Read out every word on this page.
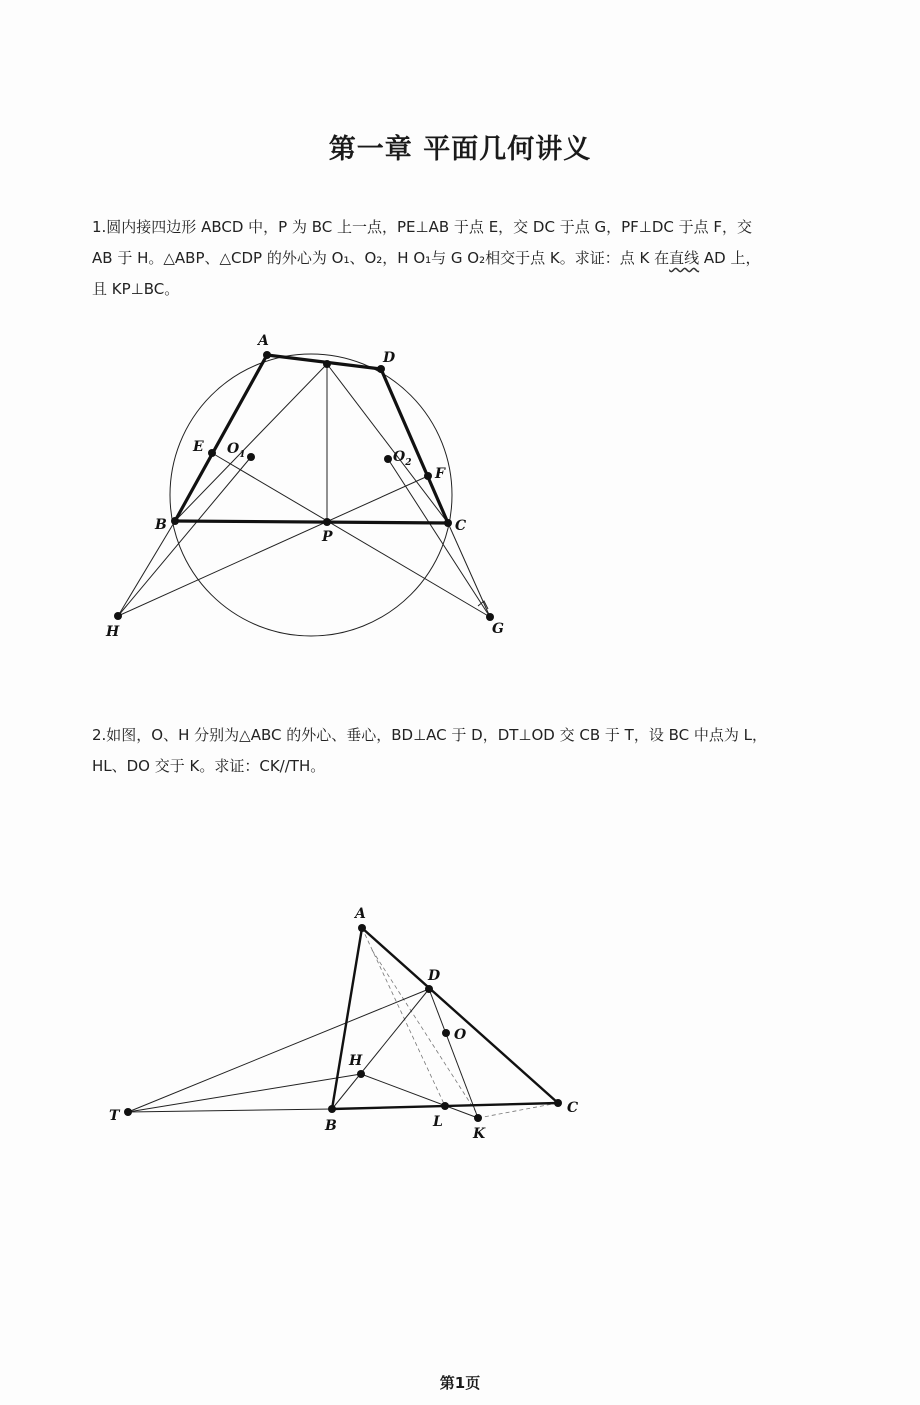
第一章 平面几何讲义

1.圆内接四边形 ABCD 中，P 为 BC 上一点，PE⊥AB 于点 E，交 DC 于点 G，PF⊥DC 于点 F，交

AB 于 H。△ABP、△CDP 的外心为 O₁、O₂，H O₁与 G O₂相交于点 K。求证：点 K 在直线 AD 上，

且 KP⊥BC。

A
D
E $O_1$	$O_2$
F
B
P
C
H	G

2.如图，O、H 分别为△ABC 的外心、垂心，BD⊥AC 于 D，DT⊥OD 交 CB 于 T，设 BC 中点为 L，

HL、DO 交于 K。求证：CK//TH。

A
D
O
H
T
B	L
K
C
第1页
